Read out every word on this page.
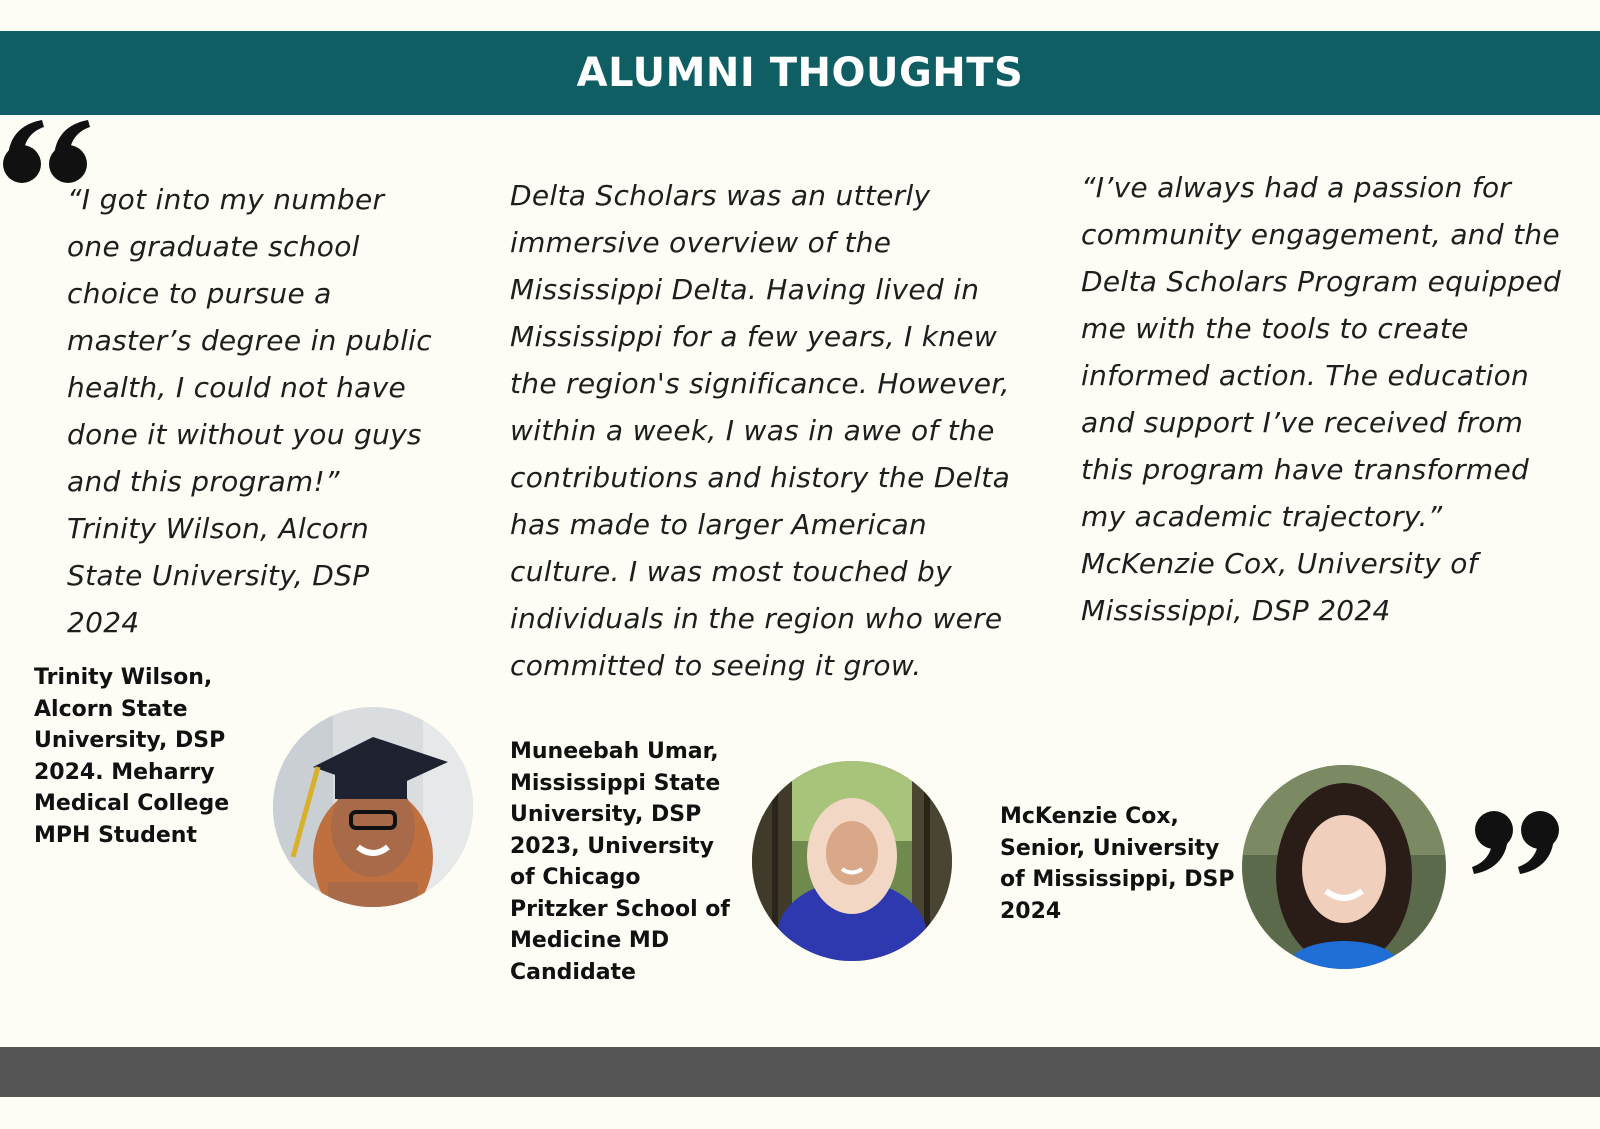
ALUMNI THOUGHTS

“I got into my number one graduate school choice to pursue a master’s degree in public health, I could not have done it without you guys and this program!” Trinity Wilson, Alcorn State University, DSP 2024

Trinity Wilson, Alcorn State University, DSP 2024. Meharry Medical College MPH Student

Delta Scholars was an utterly immersive overview of the Mississippi Delta. Having lived in Mississippi for a few years, I knew the region's significance. However, within a week, I was in awe of the contributions and history the Delta has made to larger American culture. I was most touched by individuals in the region who were committed to seeing it grow.

Muneebah Umar, Mississippi State University, DSP 2023, University of Chicago Pritzker School of Medicine MD Candidate

“I’ve always had a passion for community engagement, and the Delta Scholars Program equipped me with the tools to create informed action. The education and support I’ve received from this program have transformed my academic trajectory.” McKenzie Cox, University of Mississippi, DSP 2024

McKenzie Cox, Senior, University of Mississippi, DSP 2024
